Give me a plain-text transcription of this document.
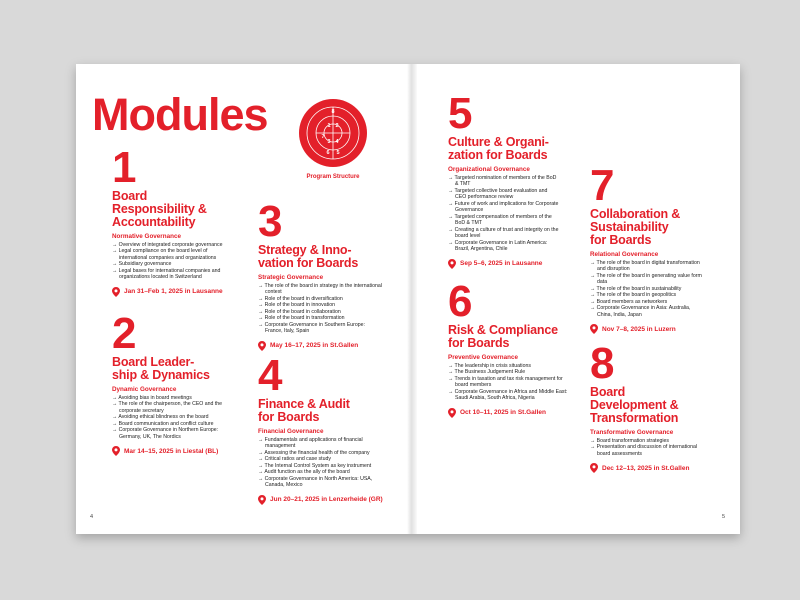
Modules	1 2
3 4
5
6
7
8
Program Structure
1
Board
Responsibility &
Accountability
Normative Governance
→ Overview of integrated corporate governance
→ Legal compliance on the board level of international companies and organizations
→ Subsidiary governance
→ Legal bases for international companies and organizations located in Switzerland
Jan 31–Feb 1, 2025 in Lausanne
2
Board Leader-
ship & Dynamics
Dynamic Governance
→ Avoiding bias in board meetings
→ The role of the chairperson, the CEO and the corporate secretary
→ Avoiding ethical blindness on the board
→ Board communication and conflict culture
→ Corporate Governance in Northern Europe: Germany, UK, The Nordics
Mar 14–15, 2025 in Liestal (BL)
3
Strategy & Inno-
vation for Boards
Strategic Governance
→ The role of the board in strategy in the international context
→ Role of the board in diversification
→ Role of the board in innovation
→ Role of the board in collaboration
→ Role of the board in transformation
→ Corporate Governance in Southern Europe: France, Italy, Spain
May 16–17, 2025 in St.Gallen
4
Finance & Audit
for Boards
Financial Governance
→ Fundamentals and applications of financial management
→ Assessing the financial health of the company
→ Critical ratios and case study
→ The Internal Control System as key instrument
→ Audit function as the ally of the board
→ Corporate Governance in North America: USA, Canada, Mexico
Jun 20–21, 2025 in Lenzerheide (GR)
5
Culture & Organi-
zation for Boards
Organizational Governance
→ Targeted nomination of members of the BoD & TMT
→ Targeted collective board evaluation and CEO performance review
→ Future of work and implications for Corporate Governance
→ Targeted compensation of members of the BoD & TMT
→ Creating a culture of trust and integrity on the board level
→ Corporate Governance in Latin America: Brazil, Argentina, Chile
Sep 5–6, 2025 in Lausanne
6
Risk & Compliance
for Boards
Preventive Governance
→ The leadership in crisis situations
→ The Business Judgement Rule
→ Trends in taxation and tax risk management for board members
→ Corporate Governance in Africa and Middle East: Saudi Arabia, South Africa, Nigeria
Oct 10–11, 2025 in St.Gallen
7
Collaboration &
Sustainability
for Boards
Relational Governance
→ The role of the board in digital transformation and disruption
→ The role of the board in generating value form data
→ The role of the board in sustainability
→ The role of the board in geopolitics
→ Board members as networkers
→ Corporate Governance in Asia: Australia, China, India, Japan
Nov 7–8, 2025 in Luzern
8
Board
Development &
Transformation
Transformative Governance
→ Board transformation strategies
→ Presentation and discussion of international board assessments
Dec 12–13, 2025 in St.Gallen
4	5
